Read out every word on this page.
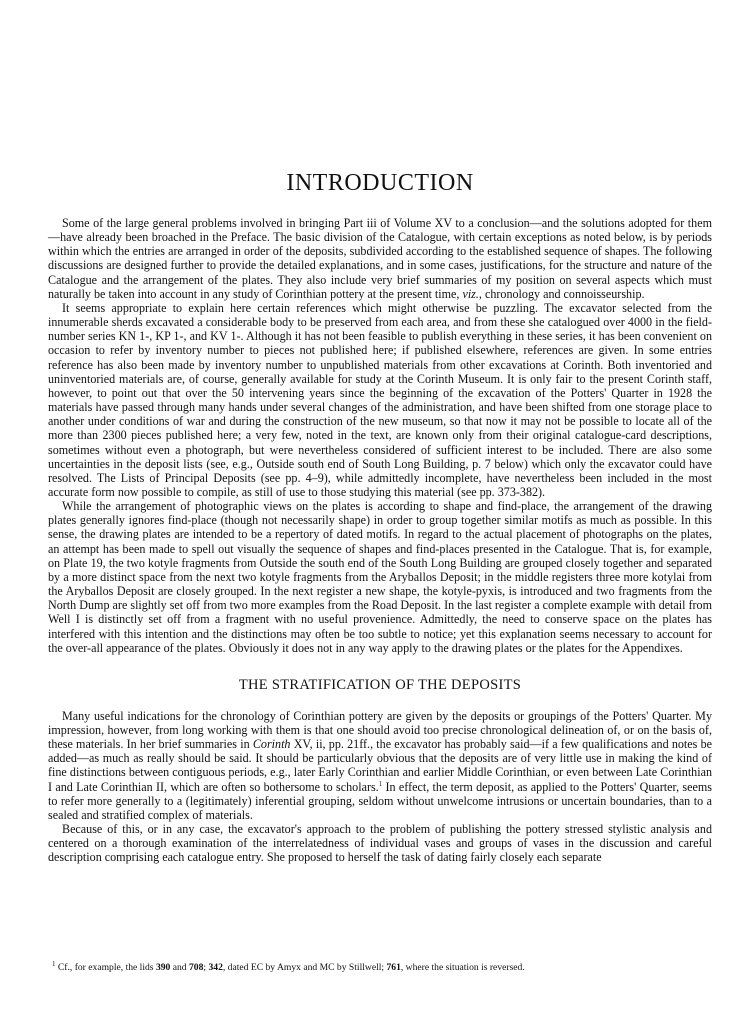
INTRODUCTION

Some of the large general problems involved in bringing Part iii of Volume XV to a conclusion—and the solutions adopted for them—have already been broached in the Preface. The basic division of the Catalogue, with certain exceptions as noted below, is by periods within which the entries are arranged in order of the deposits, subdivided according to the established sequence of shapes. The following discussions are designed further to provide the detailed explanations, and in some cases, justifications, for the structure and nature of the Catalogue and the arrangement of the plates. They also include very brief summaries of my position on several aspects which must naturally be taken into account in any study of Corinthian pottery at the present time, viz., chronology and connoisseurship.

It seems appropriate to explain here certain references which might otherwise be puzzling. The excavator selected from the innumerable sherds excavated a considerable body to be preserved from each area, and from these she catalogued over 4000 in the field-number series KN 1-, KP 1-, and KV 1-. Although it has not been feasible to publish everything in these series, it has been convenient on occasion to refer by inventory number to pieces not published here; if published elsewhere, references are given. In some entries reference has also been made by inventory number to unpublished materials from other excavations at Corinth. Both inventoried and uninventoried materials are, of course, generally available for study at the Corinth Museum. It is only fair to the present Corinth staff, however, to point out that over the 50 intervening years since the beginning of the excavation of the Potters' Quarter in 1928 the materials have passed through many hands under several changes of the administration, and have been shifted from one storage place to another under conditions of war and during the construction of the new museum, so that now it may not be possible to locate all of the more than 2300 pieces published here; a very few, noted in the text, are known only from their original catalogue-card descriptions, sometimes without even a photograph, but were nevertheless considered of sufficient interest to be included. There are also some uncertainties in the deposit lists (see, e.g., Outside south end of South Long Building, p. 7 below) which only the excavator could have resolved. The Lists of Principal Deposits (see pp. 4–9), while admittedly incomplete, have nevertheless been included in the most accurate form now possible to compile, as still of use to those studying this material (see pp. 373-382).

While the arrangement of photographic views on the plates is according to shape and find-place, the arrangement of the drawing plates generally ignores find-place (though not necessarily shape) in order to group together similar motifs as much as possible. In this sense, the drawing plates are intended to be a repertory of dated motifs. In regard to the actual placement of photographs on the plates, an attempt has been made to spell out visually the sequence of shapes and find-places presented in the Catalogue. That is, for example, on Plate 19, the two kotyle fragments from Outside the south end of the South Long Building are grouped closely together and separated by a more distinct space from the next two kotyle fragments from the Aryballos Deposit; in the middle registers three more kotylai from the Aryballos Deposit are closely grouped. In the next register a new shape, the kotyle-pyxis, is introduced and two fragments from the North Dump are slightly set off from two more examples from the Road Deposit. In the last register a complete example with detail from Well I is distinctly set off from a fragment with no useful provenience. Admittedly, the need to conserve space on the plates has interfered with this intention and the distinctions may often be too subtle to notice; yet this explanation seems necessary to account for the over-all appearance of the plates. Obviously it does not in any way apply to the drawing plates or the plates for the Appendixes.

THE STRATIFICATION OF THE DEPOSITS

Many useful indications for the chronology of Corinthian pottery are given by the deposits or groupings of the Potters' Quarter. My impression, however, from long working with them is that one should avoid too precise chronological delineation of, or on the basis of, these materials. In her brief summaries in Corinth XV, ii, pp. 21ff., the excavator has probably said—if a few qualifications and notes be added—as much as really should be said. It should be particularly obvious that the deposits are of very little use in making the kind of fine distinctions between contiguous periods, e.g., later Early Corinthian and earlier Middle Corinthian, or even between Late Corinthian I and Late Corinthian II, which are often so bothersome to scholars.$^1$ In effect, the term deposit, as applied to the Potters' Quarter, seems to refer more generally to a (legitimately) inferential grouping, seldom without unwelcome intrusions or uncertain boundaries, than to a sealed and stratified complex of materials.

Because of this, or in any case, the excavator's approach to the problem of publishing the pottery stressed stylistic analysis and centered on a thorough examination of the interrelatedness of individual vases and groups of vases in the discussion and careful description comprising each catalogue entry. She proposed to herself the task of dating fairly closely each separate

$^1$ Cf., for example, the lids 390 and 708; 342, dated EC by Amyx and MC by Stillwell; 761, where the situation is reversed.
